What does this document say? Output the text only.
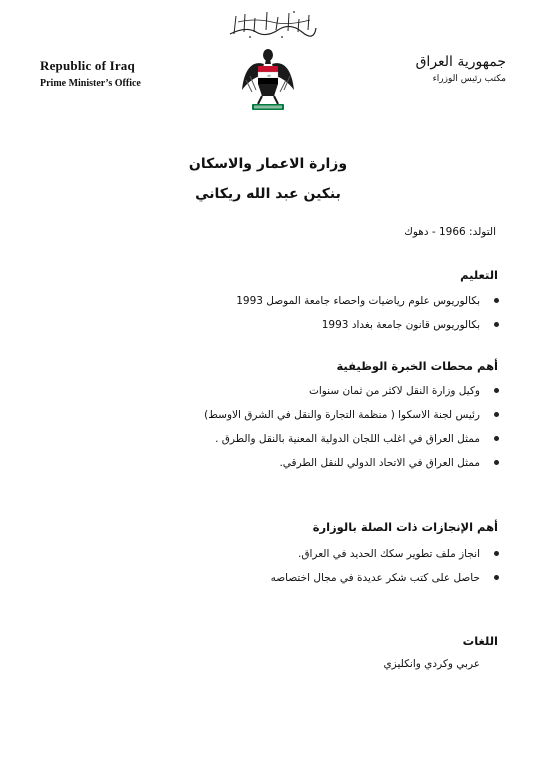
ﷲ
Republic of Iraq
Prime Minister’s Office
جمهورية العراق
مكتب رئيس الوزراء
وزارة الاعمار والاسكان
بنكين عبد الله ريكاني
التولد: 1966 - دهوك
التعليم
بكالوريوس علوم رياضيات واحصاء جامعة الموصل 1993
بكالوريوس قانون جامعة بغداد 1993
أهم محطات الخبرة الوظيفية
وكيل وزارة النقل لاكثر من ثمان سنوات
رئيس لجنة الاسكوا ( منظمة التجارة والنقل في الشرق الاوسط)
ممثل العراق في اغلب اللجان الدولية المعنية بالنقل والطرق .
ممثل العراق في الاتحاد الدولي للنقل الطرقي.
أهم الإنجازات ذات الصلة بالوزارة
انجاز ملف تطوير سكك الحديد في العراق.
حاصل على كتب شكر عديدة في مجال اختصاصه
اللغات
عربي وكردي وانكليزي
